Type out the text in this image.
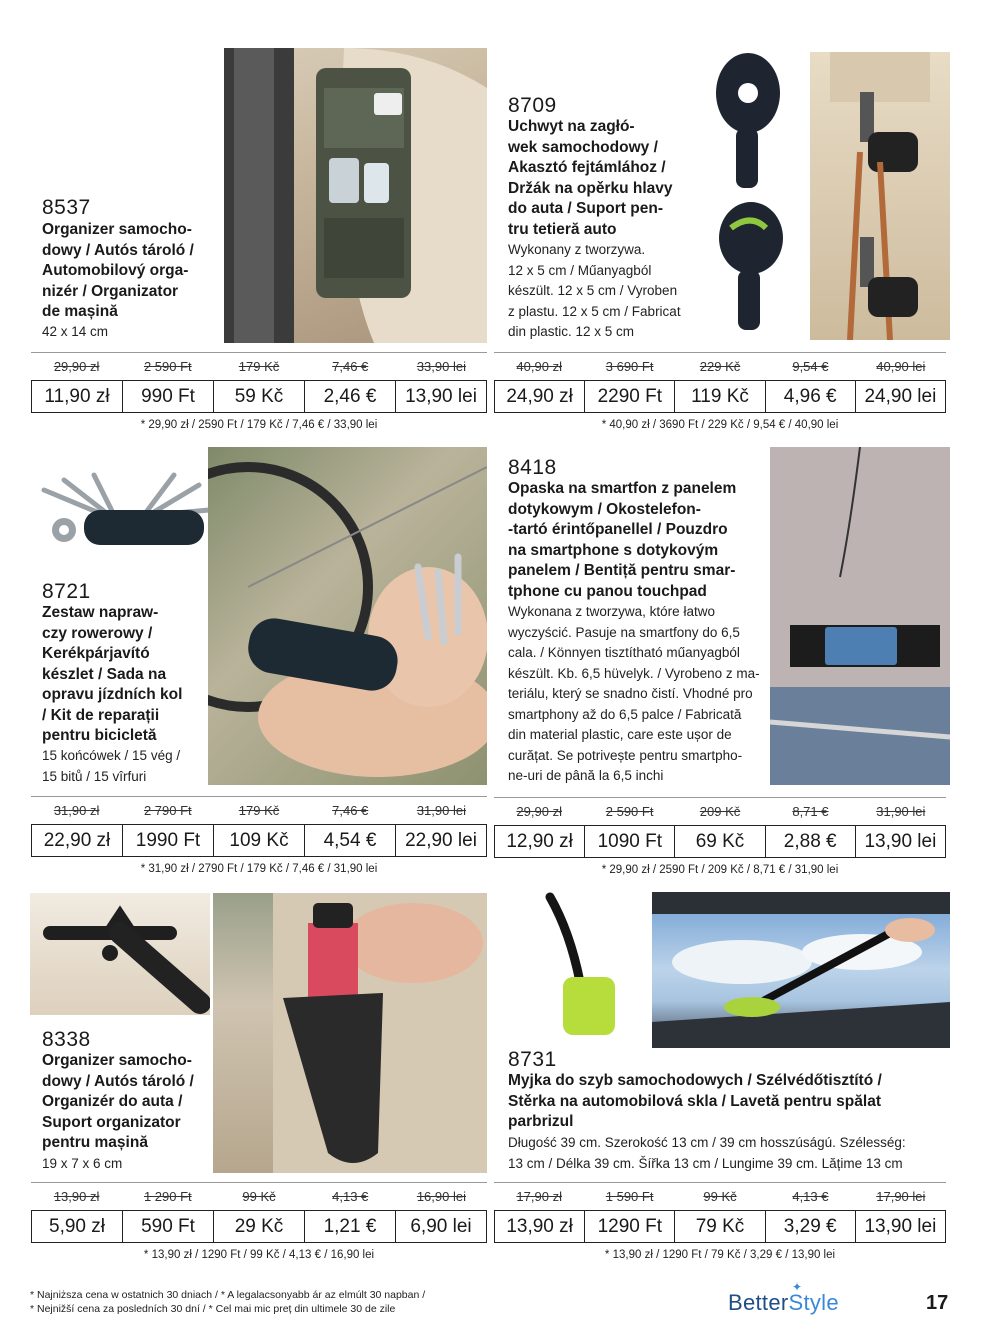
8537
Organizer samocho-
dowy / Autós tároló /
Automobilový orga-
nizér / Organizator
de mașină
42 x 14 cm
29,90 zł	2 590 Ft	179 Kč	7,46 €	33,90 lei
11,90 zł	990 Ft	59 Kč	2,46 €	13,90 lei
* 29,90 zł / 2590 Ft / 179 Kč / 7,46 € / 33,90 lei
8709
Uchwyt na zagłó-
wek samochodowy /
Akasztó fejtámlához /
Držák na opěrku hlavy
do auta / Suport pen-
tru tetieră auto
Wykonany z tworzywa.
12 x 5 cm / Műanyagból
készült. 12 x 5 cm / Vyroben
z plastu. 12 x 5 cm / Fabricat
din plastic. 12 x 5 cm
40,90 zł	3 690 Ft	229 Kč	9,54 €	40,90 lei
24,90 zł	2290 Ft	119 Kč	4,96 €	24,90 lei
* 40,90 zł / 3690 Ft / 229 Kč / 9,54 € / 40,90 lei
8721
Zestaw napraw-
czy rowerowy /
Kerékpárjavító
készlet / Sada na
opravu jízdních kol
/ Kit de reparații
pentru bicicletă
15 końcówek / 15 vég /
15 bitů / 15 vîrfuri
31,90 zł	2 790 Ft	179 Kč	7,46 €	31,90 lei
22,90 zł	1990 Ft	109 Kč	4,54 €	22,90 lei
* 31,90 zł / 2790 Ft / 179 Kč / 7,46 € / 31,90 lei
8418
Opaska na smartfon z panelem
dotykowym / Okostelefon-
-tartó érintőpanellel / Pouzdro
na smartphone s dotykovým
panelem / Bentiță pentru smar-
tphone cu panou touchpad
Wykonana z tworzywa, które łatwo
wyczyścić. Pasuje na smartfony do 6,5
cala. / Könnyen tisztítható műanyagból
készült. Kb. 6,5 hüvelyk. / Vyrobeno z ma-
teriálu, který se snadno čistí. Vhodné pro
smartphony až do 6,5 palce / Fabricată
din material plastic, care este ușor de
curățat. Se potrivește pentru smartpho-
ne-uri de până la 6,5 inchi
29,90 zł	2 590 Ft	209 Kč	8,71 €	31,90 lei
12,90 zł	1090 Ft	69 Kč	2,88 €	13,90 lei
* 29,90 zł / 2590 Ft / 209 Kč / 8,71 € / 31,90 lei
8338
Organizer samocho-
dowy / Autós tároló /
Organizér do auta /
Suport organizator
pentru mașină
19 x 7 x 6 cm
13,90 zł	1 290 Ft	99 Kč	4,13 €	16,90 lei
5,90 zł	590 Ft	29 Kč	1,21 €	6,90 lei
* 13,90 zł / 1290 Ft / 99 Kč / 4,13 € / 16,90 lei
8731
Myjka do szyb samochodowych / Szélvédőtisztító /
Stěrka na automobilová skla / Lavetă pentru spălat
parbrizul
Długość 39 cm. Szerokość 13 cm / 39 cm hosszúságú. Szélesség:
13 cm / Délka 39 cm. Šířka 13 cm / Lungime 39 cm. Lățime 13 cm
17,90 zł	1 590 Ft	99 Kč	4,13 €	17,90 lei
13,90 zł	1290 Ft	79 Kč	3,29 €	13,90 lei
* 13,90 zł / 1290 Ft / 79 Kč / 3,29 € / 13,90 lei
* Najniższa cena w ostatnich 30 dniach / * A legalacsonyabb ár az elmúlt 30 napban /
* Nejnižší cena za posledních 30 dní / * Cel mai mic preț din ultimele 30 de zile
✦
BetterStyle	17
